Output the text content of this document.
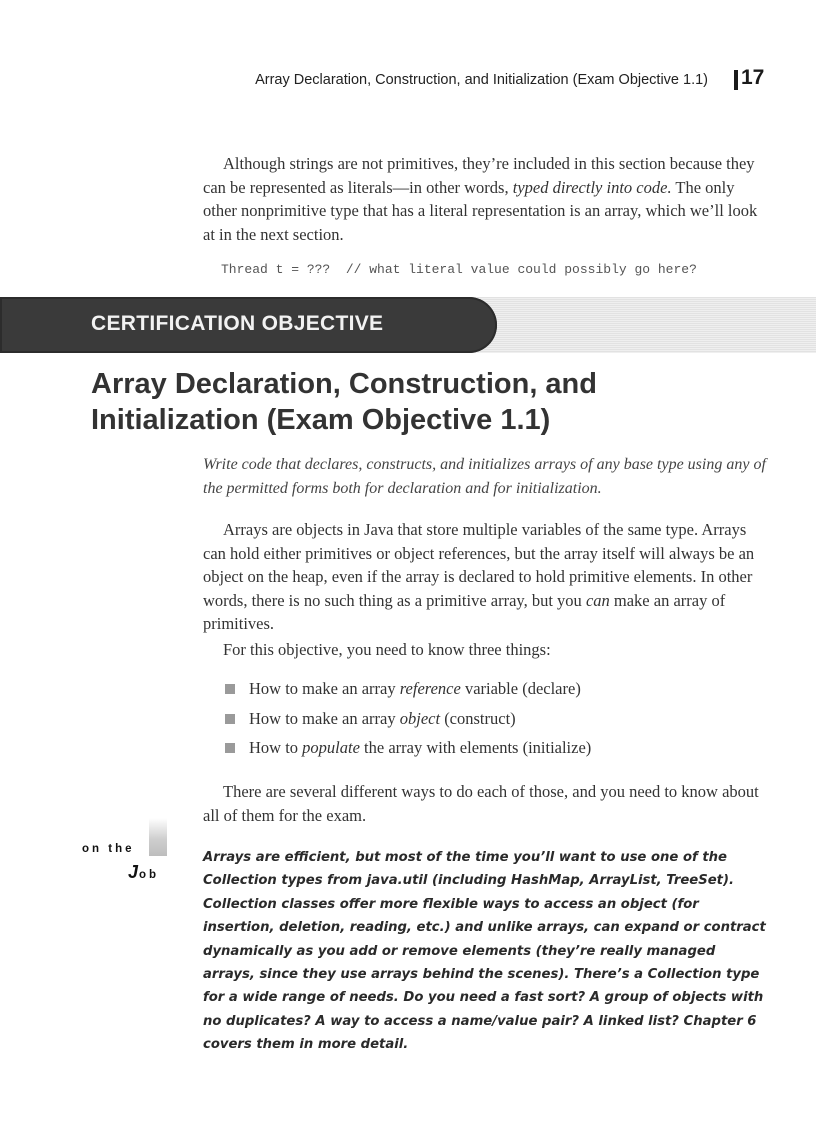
Array Declaration, Construction, and Initialization (Exam Objective 1.1) 17

Although strings are not primitives, they’re included in this section because they can be represented as literals—in other words, typed directly into code. The only other nonprimitive type that has a literal representation is an array, which we’ll look at in the next section.

Thread t = ???  // what literal value could possibly go here?
CERTIFICATION OBJECTIVE
Array Declaration, Construction, and
Initialization (Exam Objective 1.1)

Write code that declares, constructs, and initializes arrays of any base type using any of the permitted forms both for declaration and for initialization.

Arrays are objects in Java that store multiple variables of the same type. Arrays can hold either primitives or object references, but the array itself will always be an object on the heap, even if the array is declared to hold primitive elements. In other words, there is no such thing as a primitive array, but you can make an array of primitives.

For this objective, you need to know three things:

How to make an array reference variable (declare)
How to make an array object (construct)
How to populate the array with elements (initialize)

There are several different ways to do each of those, and you need to know about all of them for the exam.

on the
Job

Arrays are efficient, but most of the time you’ll want to use one of the Collection types from java.util (including HashMap, ArrayList, TreeSet). Collection classes offer more flexible ways to access an object (for insertion, deletion, reading, etc.) and unlike arrays, can expand or contract dynamically as you add or remove elements (they’re really managed arrays, since they use arrays behind the scenes). There’s a Collection type for a wide range of needs. Do you need a fast sort? A group of objects with no duplicates? A way to access a name/value pair? A linked list? Chapter 6 covers them in more detail.
